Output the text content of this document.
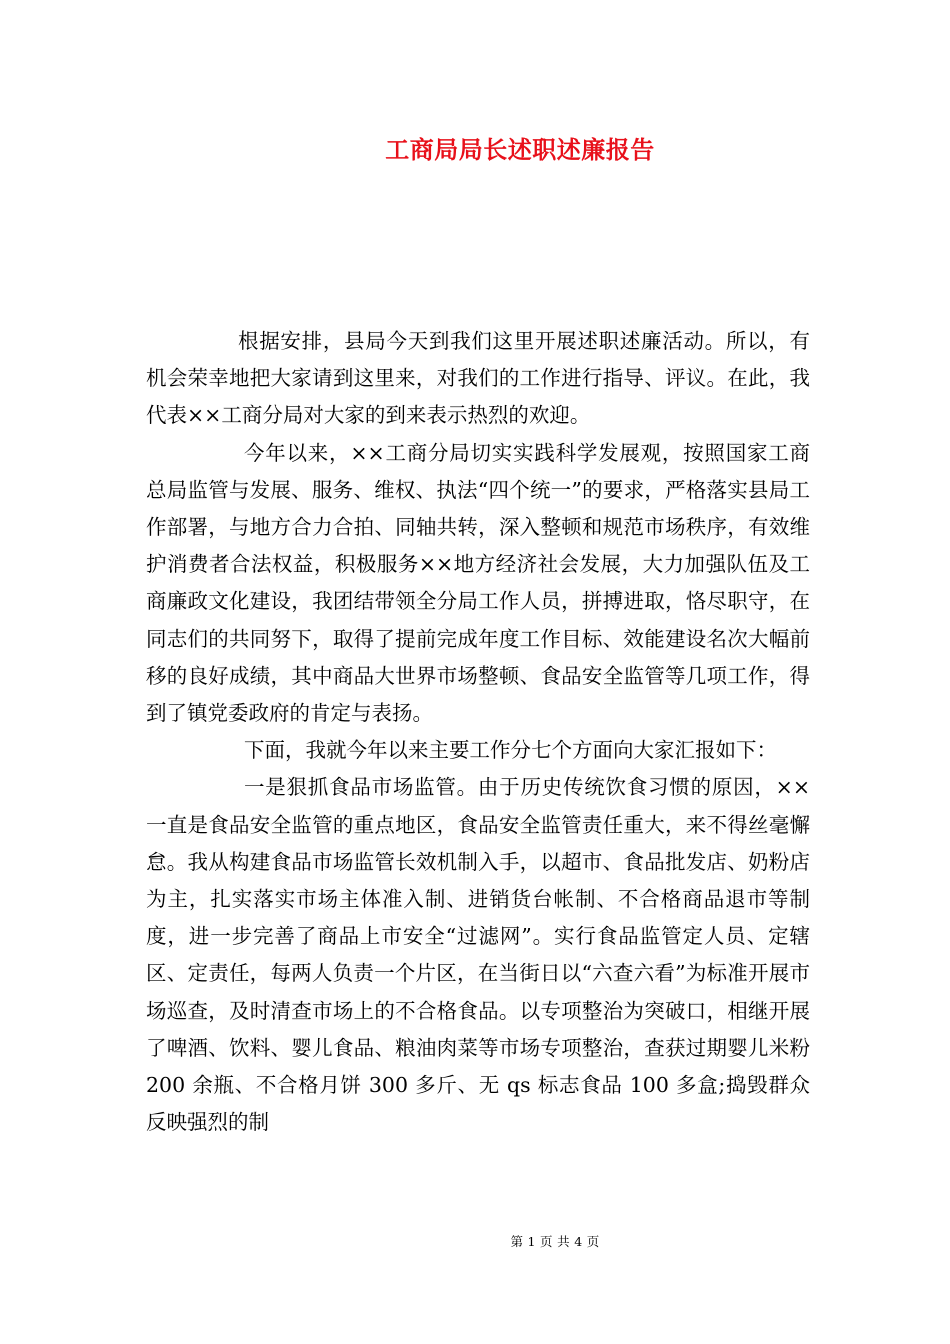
工商局局长述职述廉报告

根据安排，县局今天到我们这里开展述职述廉活动。所以，有机会荣幸地把大家请到这里来，对我们的工作进行指导、评议。在此，我代表××工商分局对大家的到来表示热烈的欢迎。

今年以来，××工商分局切实实践科学发展观，按照国家工商总局监管与发展、服务、维权、执法“四个统一”的要求，严格落实县局工作部署，与地方合力合拍、同轴共转，深入整顿和规范市场秩序，有效维护消费者合法权益，积极服务××地方经济社会发展，大力加强队伍及工商廉政文化建设，我团结带领全分局工作人员，拼搏进取，恪尽职守，在同志们的共同努下，取得了提前完成年度工作目标、效能建设名次大幅前移的良好成绩，其中商品大世界市场整顿、食品安全监管等几项工作，得到了镇党委政府的肯定与表扬。

下面，我就今年以来主要工作分七个方面向大家汇报如下：

一是狠抓食品市场监管。由于历史传统饮食习惯的原因，××一直是食品安全监管的重点地区，食品安全监管责任重大，来不得丝毫懈怠。我从构建食品市场监管长效机制入手，以超市、食品批发店、奶粉店为主，扎实落实市场主体准入制、进销货台帐制、不合格商品退市等制度，进一步完善了商品上市安全“过滤网”。实行食品监管定人员、定辖区、定责任，每两人负责一个片区，在当街日以“六查六看”为标准开展市场巡查，及时清查市场上的不合格食品。以专项整治为突破口，相继开展了啤酒、饮料、婴儿食品、粮油肉菜等市场专项整治，查获过期婴儿米粉 200 余瓶、不合格月饼 300 多斤、无 qs 标志食品 100 多盒;捣毁群众反映强烈的制

第 1 页 共 4 页
